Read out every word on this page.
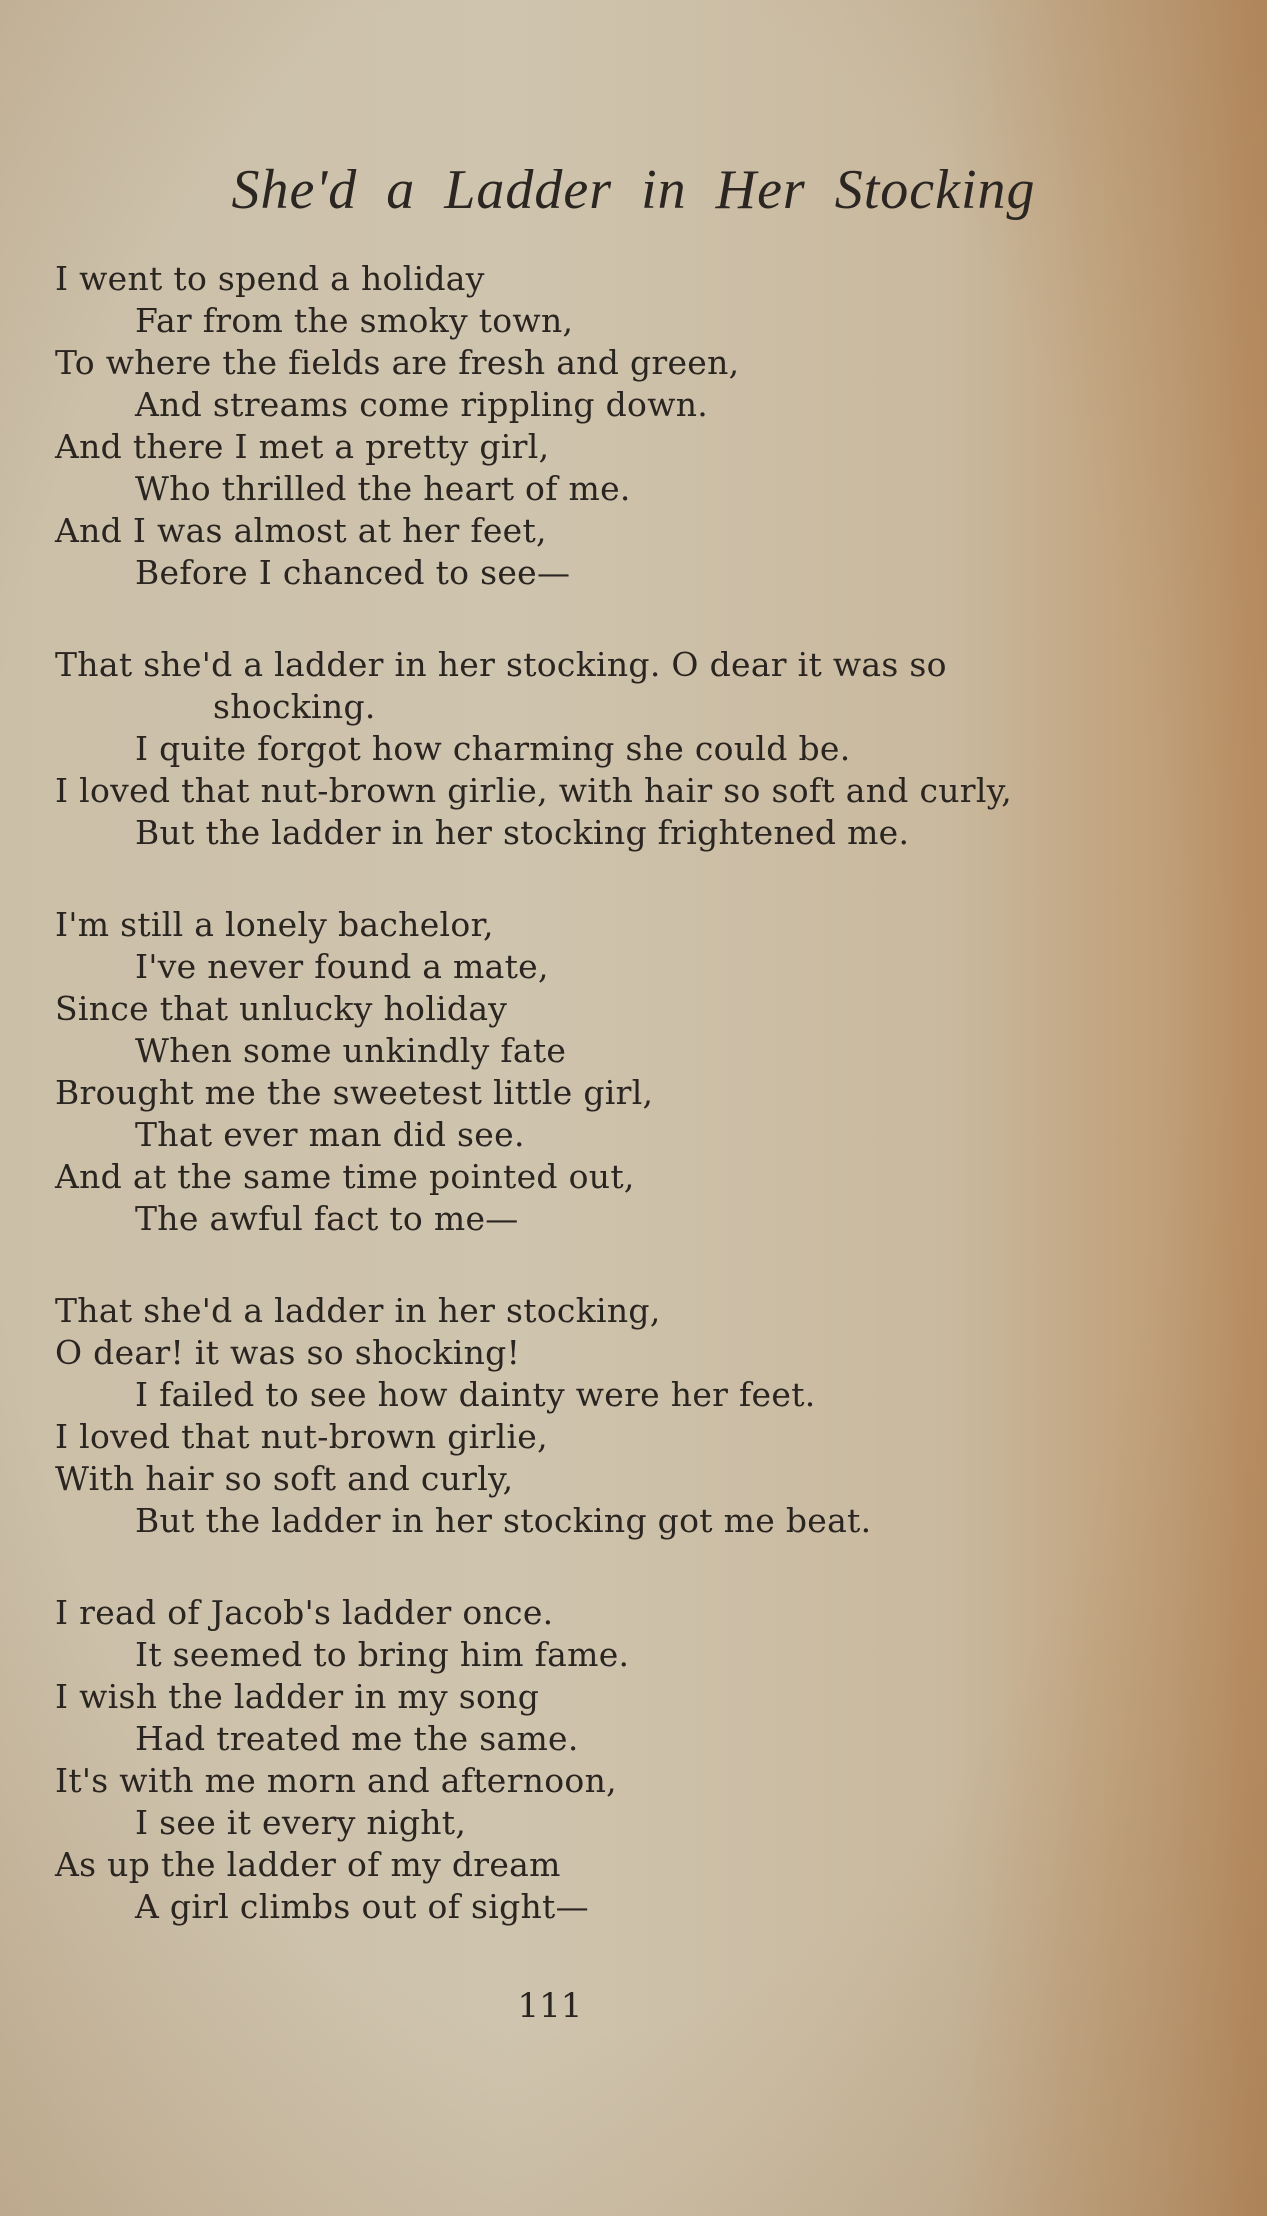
She'd a Ladder in Her Stocking
I went to spend a holiday
Far from the smoky town,
To where the fields are fresh and green,
And streams come rippling down.
And there I met a pretty girl,
Who thrilled the heart of me.
And I was almost at her feet,
Before I chanced to see—
That she'd a ladder in her stocking. O dear it was so
shocking.
I quite forgot how charming she could be.
I loved that nut-brown girlie, with hair so soft and curly,
But the ladder in her stocking frightened me.
I'm still a lonely bachelor,
I've never found a mate,
Since that unlucky holiday
When some unkindly fate
Brought me the sweetest little girl,
That ever man did see.
And at the same time pointed out,
The awful fact to me—
That she'd a ladder in her stocking,
O dear! it was so shocking!
I failed to see how dainty were her feet.
I loved that nut-brown girlie,
With hair so soft and curly,
But the ladder in her stocking got me beat.
I read of Jacob's ladder once.
It seemed to bring him fame.
I wish the ladder in my song
Had treated me the same.
It's with me morn and afternoon,
I see it every night,
As up the ladder of my dream
A girl climbs out of sight—
111
